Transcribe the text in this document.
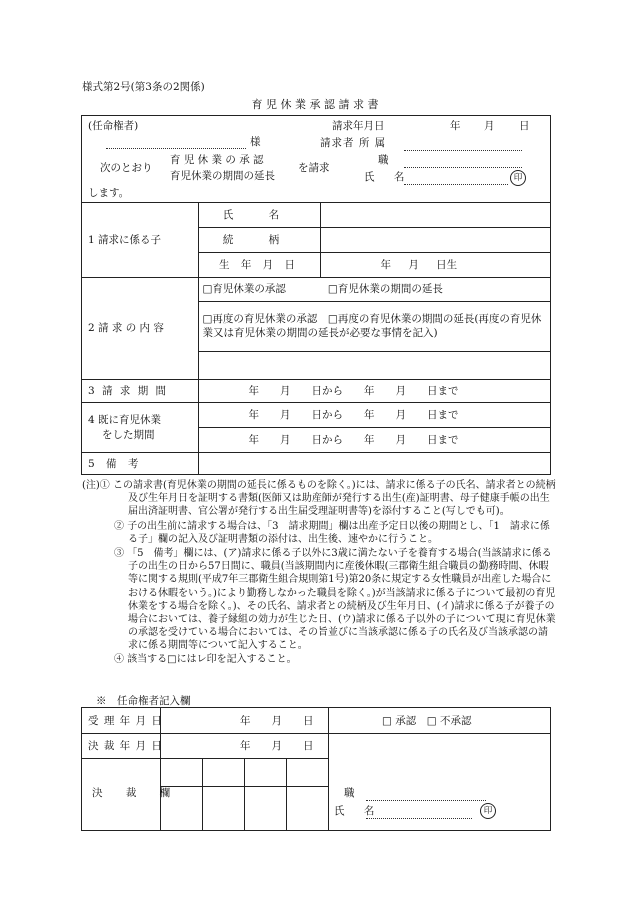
様式第2号(第3条の2関係)
育 児 休 業 承 認 請 求 書
(任命権者)
様
請求年月日	年 月 日
請求者 所 属
次のとおり
育 児 休 業 の 承 認
育児休業の期間の延長
を請求
職
氏 名	印
します。
1 請求に係る子	氏 名	
	続 柄	
	生 年 月 日	年 月 日生
2 請 求 の 内 容	□育児休業の承認　　　　□育児休業の期間の延長
□再度の育児休業の承認　□再度の育児休業の期間の延長(再度の育児休業又は育児休業の期間の延長が必要な事情を記入)	

3 請 求 期 間	年　　月　　日から　　年　　月　　日まで	

4 既に育児休業
をした期間	年　　月　　日から　　年　　月　　日まで	
	年　　月　　日から　　年　　月　　日まで	
5 備 考		
(注)① この請求書(育児休業の期間の延長に係るものを除く。)には、請求に係る子の氏名、請求者との続柄及び生年月日を証明する書類(医師又は助産師が発行する出生(産)証明書、母子健康手帳の出生届出済証明書、官公署が発行する出生届受理証明書等)を添付すること(写しでも可)。
② 子の出生前に請求する場合は、「3　請求期間」欄は出産予定日以後の期間とし、「1　請求に係る子」欄の記入及び証明書類の添付は、出生後、速やかに行うこと。
③ 「5　備考」欄には、(ア)請求に係る子以外に3歳に満たない子を養育する場合(当該請求に係る子の出生の日から57日間に、職員(当該期間内に産後休暇(三郡衛生組合職員の勤務時間、休暇等に関する規則(平成7年三郡衛生組合規則第1号)第20条に規定する女性職員が出産した場合における休暇をいう。)により勤務しなかった職員を除く。)が当該請求に係る子について最初の育児休業をする場合を除く。)、その氏名、請求者との続柄及び生年月日、(イ)請求に係る子が養子の場合においては、養子縁組の効力が生じた日、(ウ)請求に係る子以外の子について現に育児休業の承認を受けている場合においては、その旨並びに当該承認に係る子の氏名及び当該承認の請求に係る期間等について記入すること。
④ 該当する□にはレ印を記入すること。
※　任命権者記入欄
受 理 年 月 日	年　　月　　日
決 裁 年 月 日	年　　月　　日
決 裁 欄
□ 承認　□ 不承認
職
氏 名	印
